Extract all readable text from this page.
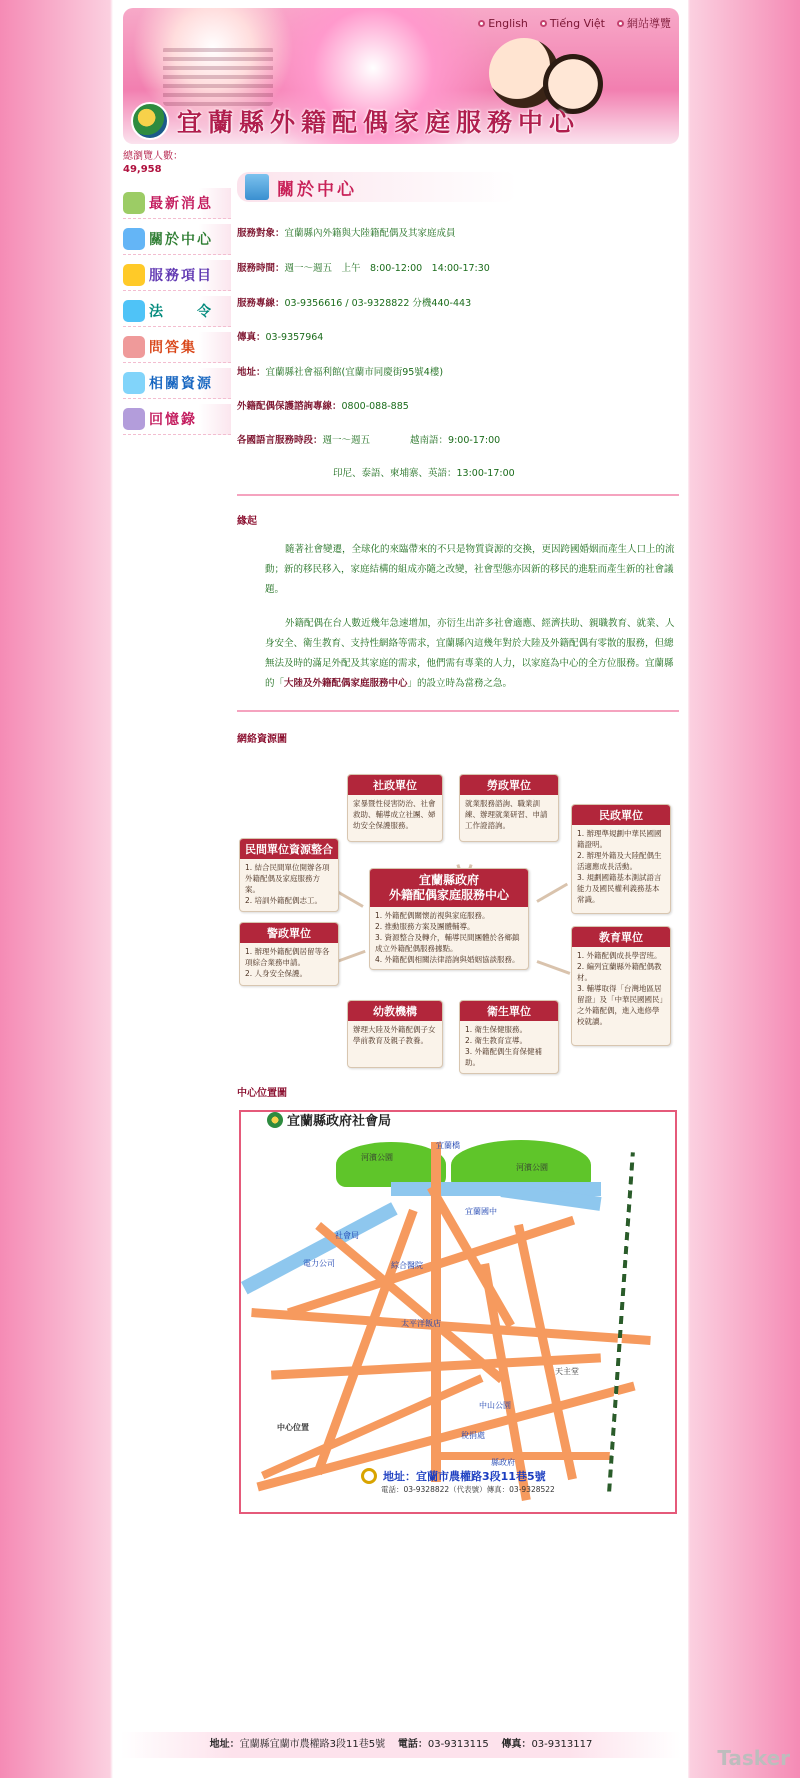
English Tiếng Việt 網站導覽
宜蘭縣外籍配偶家庭服務中心
總瀏覽人數：
49,958
最新消息
關於中心
服務項目
法　　令
問答集
相關資源
回憶錄
關於中心
服務對象：宜蘭縣內外籍與大陸籍配偶及其家庭成員
服務時間：週一～週五　上午　8:00-12:00　14:00-17:30
服務專線：03-9356616 / 03-9328822 分機440-443
傳真：03-9357964
地址：宜蘭縣社會福利館(宜蘭市同慶街95號4樓)
外籍配偶保護諮詢專線：0800-088-885
各國語言服務時段：週一～週五	越南語：9:00-17:00
印尼、泰語、柬埔寨、英語：13:00-17:00
緣起
隨著社會變遷，全球化的來臨帶來的不只是物質資源的交換，更因跨國婚姻而產生人口上的流動；新的移民移入，家庭結構的組成亦隨之改變，社會型態亦因新的移民的進駐而產生新的社會議題。
外籍配偶在台人數近幾年急速增加，亦衍生出許多社會適應、經濟扶助、親職教育、就業、人身安全、衛生教育、支持性網絡等需求，宜蘭縣內這幾年對於大陸及外籍配偶有零散的服務，但總無法及時的滿足外配及其家庭的需求，他們需有專業的人力，以家庭為中心的全方位服務。宜蘭縣的「大陸及外籍配偶家庭服務中心」的設立時為當務之急。
網絡資源圖
社政單位
家暴暨性侵害防治、社會救助、輔導成立社團、婦幼安全保護服務。
勞政單位
就業服務諮詢、職業訓練、辦理就業研習、申請工作證諮詢。
民政單位
1. 辦理準規劃中華民國國籍證明。
2. 辦理外籍及大陸配偶生活適應成長活動。
3. 規劃國籍基本測試語言能力及國民權利義務基本常識。
民間單位資源整合
1. 結合民間單位開辦各項外籍配偶及家庭服務方案。
2. 培訓外籍配偶志工。
宜蘭縣政府
外籍配偶家庭服務中心
1. 外籍配偶關懷訪視與家庭服務。
2. 推動服務方案及團體輔導。
3. 資源整合及轉介，輔導民間團體於各鄉鎮成立外籍配偶服務據點。
4. 外籍配偶相關法律諮詢與婚姻協談服務。
警政單位
1. 辦理外籍配偶居留等各項綜合業務申請。
2. 人身安全保護。
教育單位
1. 外籍配偶成長學習班。
2. 編列宜蘭縣外籍配偶教材。
3. 輔導取得「台灣地區居留證」及「中華民國國民」之外籍配偶，進入進修學校就讀。
幼教機構
辦理大陸及外籍配偶子女學前教育及親子教養。
衛生單位
1. 衛生保健服務。
2. 衛生教育宣導。
3. 外籍配偶生育保健補助。
中心位置圖
河濱公園
河濱公園
宜蘭橋
社會局
電力公司	綜合醫院
宜蘭國中
太平洋飯店
中山公園
稅捐處
縣政府
中心位置
天主堂
宜蘭縣政府社會局
地址：宜蘭市農權路3段11巷5號
電話：03-9328822（代表號）傳真：03-9328522
地址：宜蘭縣宜蘭市農權路3段11巷5號 電話：03-9313115 傳真：03-9313117
Tasker
